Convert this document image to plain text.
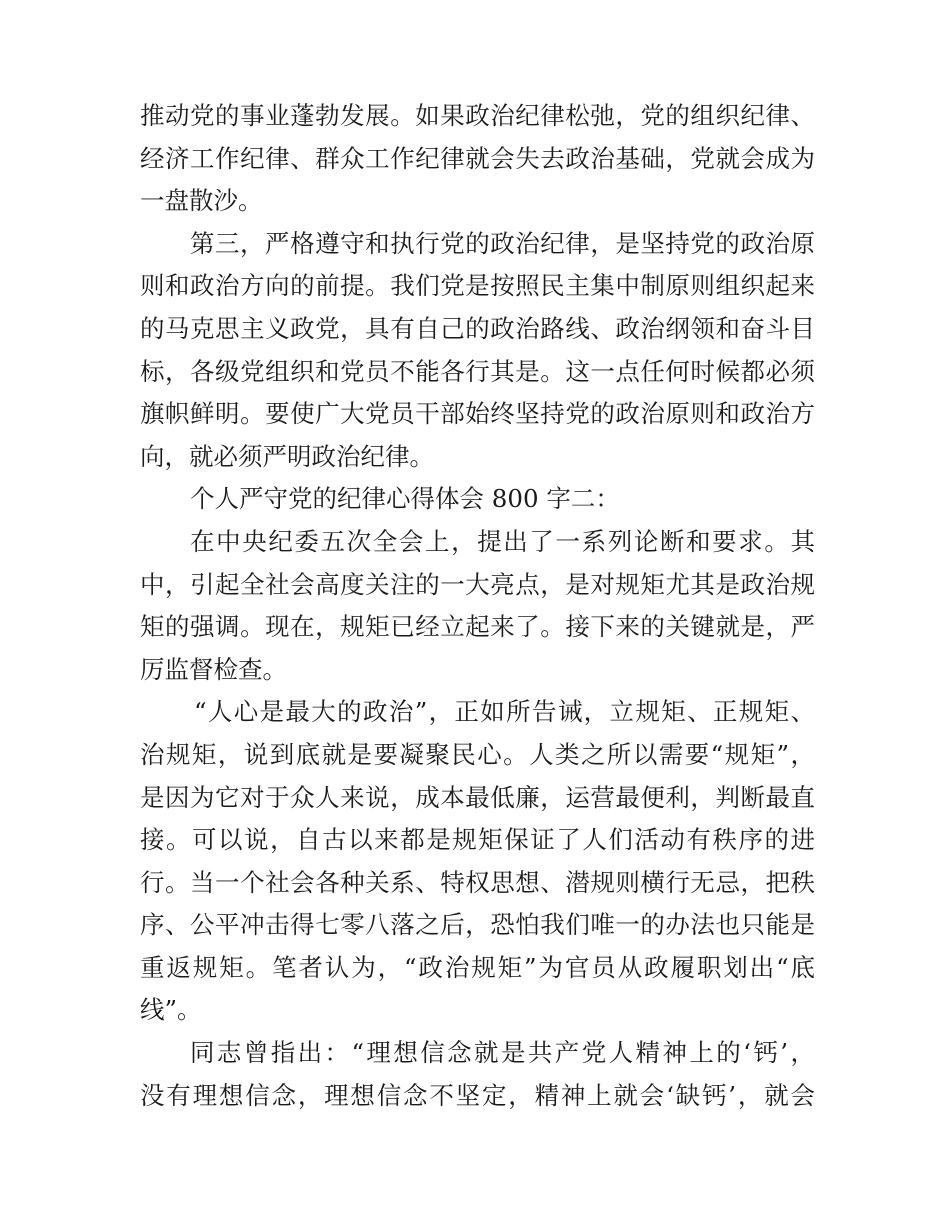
推动党的事业蓬勃发展。如果政治纪律松弛，党的组织纪律、
经济工作纪律、群众工作纪律就会失去政治基础，党就会成为
一盘散沙。
第三，严格遵守和执行党的政治纪律，是坚持党的政治原
则和政治方向的前提。我们党是按照民主集中制原则组织起来
的马克思主义政党，具有自己的政治路线、政治纲领和奋斗目
标，各级党组织和党员不能各行其是。这一点任何时候都必须
旗帜鲜明。要使广大党员干部始终坚持党的政治原则和政治方
向，就必须严明政治纪律。
个人严守党的纪律心得体会 800 字二：
在中央纪委五次全会上，提出了一系列论断和要求。其
中，引起全社会高度关注的一大亮点，是对规矩尤其是政治规
矩的强调。现在，规矩已经立起来了。接下来的关键就是，严
厉监督检查。
“人心是最大的政治”，正如所告诫，立规矩、正规矩、
治规矩，说到底就是要凝聚民心。人类之所以需要“规矩”，
是因为它对于众人来说，成本最低廉，运营最便利，判断最直
接。可以说，自古以来都是规矩保证了人们活动有秩序的进
行。当一个社会各种关系、特权思想、潜规则横行无忌，把秩
序、公平冲击得七零八落之后，恐怕我们唯一的办法也只能是
重返规矩。笔者认为，“政治规矩”为官员从政履职划出“底
线”。
同志曾指出：“理想信念就是共产党人精神上的‘钙’，
没有理想信念，理想信念不坚定，精神上就会‘缺钙’，就会
